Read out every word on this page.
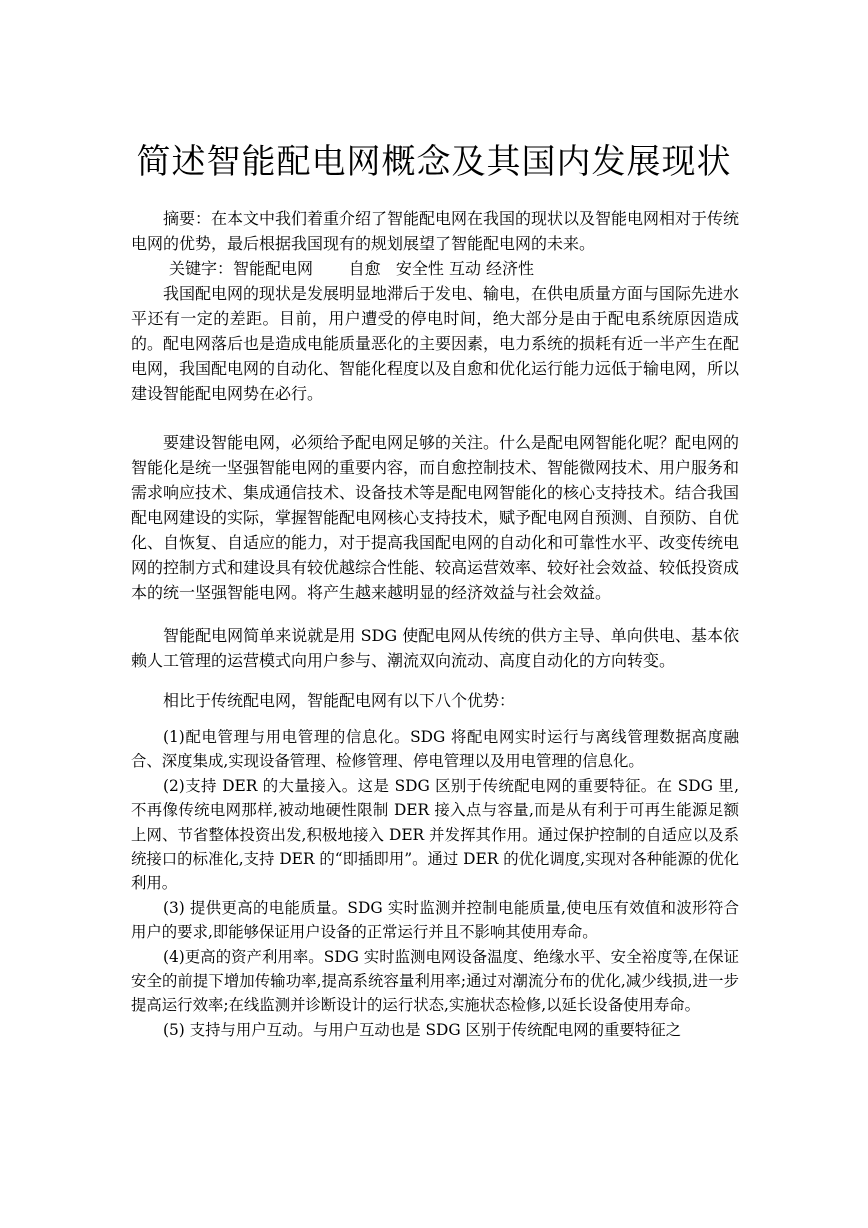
简述智能配电网概念及其国内发展现状

摘要：在本文中我们着重介绍了智能配电网在我国的现状以及智能电网相对于传统电网的优势，最后根据我国现有的规划展望了智能配电网的未来。

关键字：智能配电网       自愈   安全性 互动 经济性

我国配电网的现状是发展明显地滞后于发电、输电，在供电质量方面与国际先进水平还有一定的差距。目前，用户遭受的停电时间，绝大部分是由于配电系统原因造成的。配电网落后也是造成电能质量恶化的主要因素，电力系统的损耗有近一半产生在配电网，我国配电网的自动化、智能化程度以及自愈和优化运行能力远低于输电网，所以建设智能配电网势在必行。

要建设智能电网，必须给予配电网足够的关注。什么是配电网智能化呢？配电网的智能化是统一坚强智能电网的重要内容，而自愈控制技术、智能微网技术、用户服务和需求响应技术、集成通信技术、设备技术等是配电网智能化的核心支持技术。结合我国配电网建设的实际，掌握智能配电网核心支持技术，赋予配电网自预测、自预防、自优化、自恢复、自适应的能力，对于提高我国配电网的自动化和可靠性水平、改变传统电网的控制方式和建设具有较优越综合性能、较高运营效率、较好社会效益、较低投资成本的统一坚强智能电网。将产生越来越明显的经济效益与社会效益。

智能配电网简单来说就是用 SDG 使配电网从传统的供方主导、单向供电、基本依赖人工管理的运营模式向用户参与、潮流双向流动、高度自动化的方向转变。

相比于传统配电网，智能配电网有以下八个优势：

(1)配电管理与用电管理的信息化。SDG 将配电网实时运行与离线管理数据高度融合、深度集成,实现设备管理、检修管理、停电管理以及用电管理的信息化。

(2)支持 DER 的大量接入。这是 SDG 区别于传统配电网的重要特征。在 SDG 里,不再像传统电网那样,被动地硬性限制 DER 接入点与容量,而是从有利于可再生能源足额上网、节省整体投资出发,积极地接入 DER 并发挥其作用。通过保护控制的自适应以及系统接口的标准化,支持 DER 的“即插即用”。通过 DER 的优化调度,实现对各种能源的优化利用。

(3) 提供更高的电能质量。SDG 实时监测并控制电能质量,使电压有效值和波形符合用户的要求,即能够保证用户设备的正常运行并且不影响其使用寿命。

(4)更高的资产利用率。SDG 实时监测电网设备温度、绝缘水平、安全裕度等,在保证安全的前提下增加传输功率,提高系统容量利用率;通过对潮流分布的优化,减少线损,进一步提高运行效率;在线监测并诊断设计的运行状态,实施状态检修,以延长设备使用寿命。

(5) 支持与用户互动。与用户互动也是 SDG 区别于传统配电网的重要特征之
